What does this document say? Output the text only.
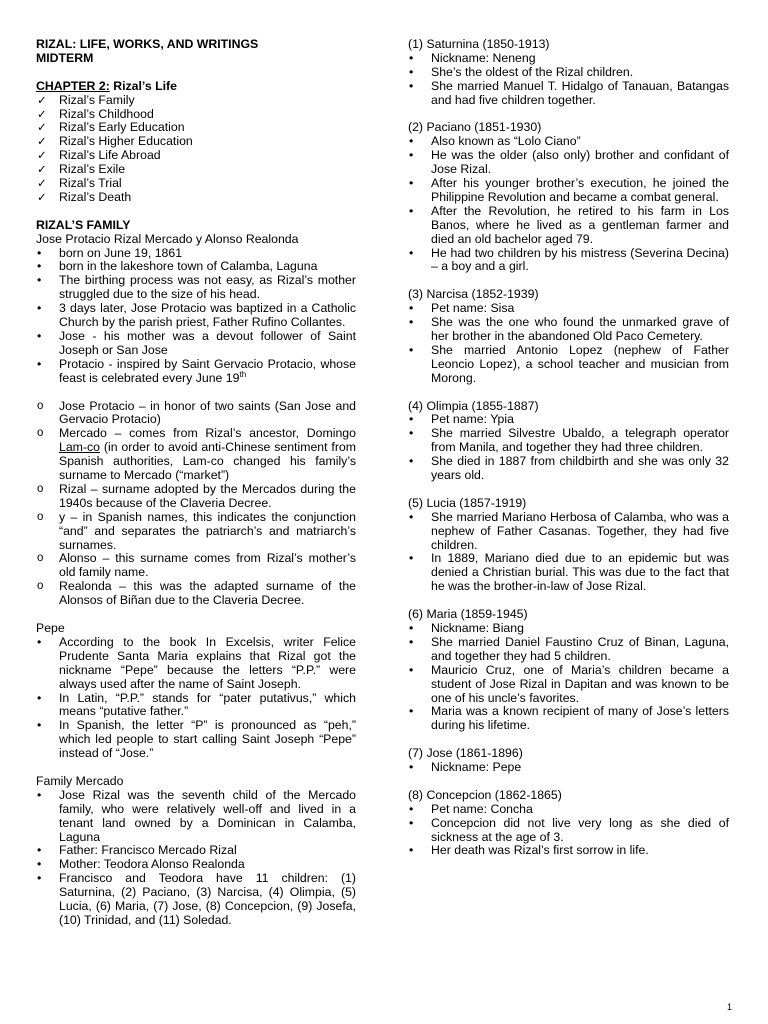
RIZAL: LIFE, WORKS, AND WRITINGS

MIDTERM

CHAPTER 2: Rizal’s Life

✓ Rizal’s Family
✓ Rizal’s Childhood
✓ Rizal’s Early Education
✓ Rizal’s Higher Education
✓ Rizal’s Life Abroad
✓ Rizal’s Exile
✓ Rizal’s Trial
✓ Rizal’s Death

RIZAL’S FAMILY

Jose Protacio Rizal Mercado y Alonso Realonda

• born on June 19, 1861
• born in the lakeshore town of Calamba, Laguna
• The birthing process was not easy, as Rizal’s mother struggled due to the size of his head.
• 3 days later, Jose Protacio was baptized in a Catholic Church by the parish priest, Father Rufino Collantes.
• Jose - his mother was a devout follower of Saint Joseph or San Jose
• Protacio - inspired by Saint Gervacio Protacio, whose feast is celebrated every June 19th
o Jose Protacio – in honor of two saints (San Jose and Gervacio Protacio)
o Mercado – comes from Rizal’s ancestor, Domingo Lam-co (in order to avoid anti-Chinese sentiment from Spanish authorities, Lam-co changed his family’s surname to Mercado (“market”)
o Rizal – surname adopted by the Mercados during the 1940s because of the Claveria Decree.
o y – in Spanish names, this indicates the conjunction “and” and separates the patriarch’s and matriarch’s surnames.
o Alonso – this surname comes from Rizal’s mother’s old family name.
o Realonda – this was the adapted surname of the Alonsos of Biñan due to the Claveria Decree.

Pepe

• According to the book In Excelsis, writer Felice Prudente Santa Maria explains that Rizal got the nickname “Pepe” because the letters “P.P.” were always used after the name of Saint Joseph.
• In Latin, “P.P.” stands for “pater putativus,” which means “putative father.”
• In Spanish, the letter “P” is pronounced as “peh,” which led people to start calling Saint Joseph “Pepe” instead of “Jose.”

Family Mercado

• Jose Rizal was the seventh child of the Mercado family, who were relatively well-off and lived in a tenant land owned by a Dominican in Calamba, Laguna
• Father: Francisco Mercado Rizal
• Mother: Teodora Alonso Realonda
• Francisco and Teodora have 11 children: (1) Saturnina, (2) Paciano, (3) Narcisa, (4) Olimpia, (5) Lucia, (6) Maria, (7) Jose, (8) Concepcion, (9) Josefa, (10) Trinidad, and (11) Soledad.

(1) Saturnina (1850-1913)

• Nickname: Neneng
• She’s the oldest of the Rizal children.
• She married Manuel T. Hidalgo of Tanauan, Batangas and had five children together.

(2) Paciano (1851-1930)

• Also known as “Lolo Ciano”
• He was the older (also only) brother and confidant of Jose Rizal.
• After his younger brother’s execution, he joined the Philippine Revolution and became a combat general.
• After the Revolution, he retired to his farm in Los Banos, where he lived as a gentleman farmer and died an old bachelor aged 79.
• He had two children by his mistress (Severina Decina) – a boy and a girl.

(3) Narcisa (1852-1939)

• Pet name: Sisa
• She was the one who found the unmarked grave of her brother in the abandoned Old Paco Cemetery.
• She married Antonio Lopez (nephew of Father Leoncio Lopez), a school teacher and musician from Morong.

(4) Olimpia (1855-1887)

• Pet name: Ypia
• She married Silvestre Ubaldo, a telegraph operator from Manila, and together they had three children.
• She died in 1887 from childbirth and she was only 32 years old.

(5) Lucia (1857-1919)

• She married Mariano Herbosa of Calamba, who was a nephew of Father Casanas. Together, they had five children.
• In 1889, Mariano died due to an epidemic but was denied a Christian burial. This was due to the fact that he was the brother-in-law of Jose Rizal.

(6) Maria (1859-1945)

• Nickname: Biang
• She married Daniel Faustino Cruz of Binan, Laguna, and together they had 5 children.
• Mauricio Cruz, one of Maria’s children became a student of Jose Rizal in Dapitan and was known to be one of his uncle’s favorites.
• Maria was a known recipient of many of Jose’s letters during his lifetime.

(7) Jose (1861-1896)

• Nickname: Pepe

(8) Concepcion (1862-1865)

• Pet name: Concha
• Concepcion did not live very long as she died of sickness at the age of 3.
• Her death was Rizal’s first sorrow in life.
1
